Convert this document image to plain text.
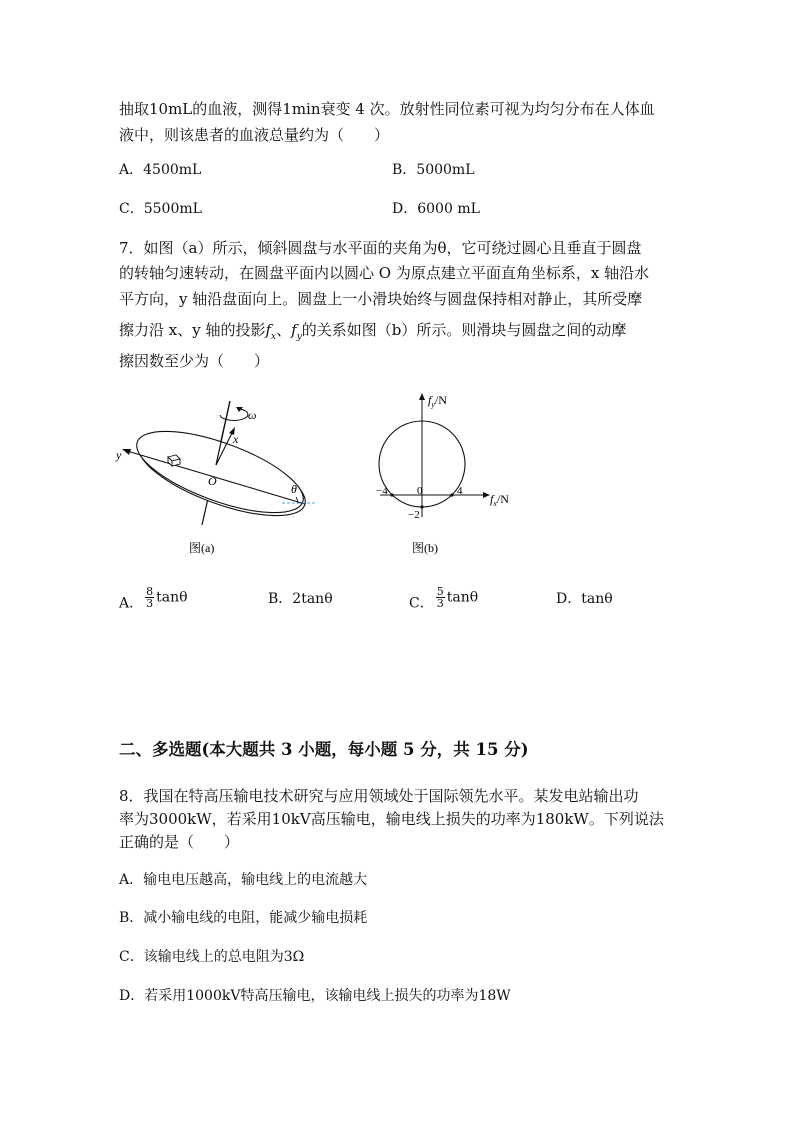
抽取10mL的血液，测得1min衰变 4 次。放射性同位素可视为均匀分布在人体血
液中，则该患者的血液总量约为（　　）
A．4500mL	B．5000mL
C．5500mL	D．6000 mL
7．如图（a）所示，倾斜圆盘与水平面的夹角为θ，它可绕过圆心且垂直于圆盘
的转轴匀速转动，在圆盘平面内以圆心 O 为原点建立平面直角坐标系，x 轴沿水
平方向，y 轴沿盘面向上。圆盘上一小滑块始终与圆盘保持相对静止，其所受摩
擦力沿 x、y 轴的投影$f_x$、$f_y$的关系如图（b）所示。则滑块与圆盘之间的动摩
擦因数至少为（　　）
ω
x
y
O
θ
图(a)
$f_y/N$
$f_x/N$
−4	0	4
−2
图(b)
A． $\frac{8}{3}$ tanθ	B．2tanθ	C． $\frac{5}{3}$ tanθ	D．tanθ
二、多选题(本大题共 3 小题，每小题 5 分，共 15 分)
8．我国在特高压输电技术研究与应用领域处于国际领先水平。某发电站输出功
率为3000kW，若采用10kV高压输电，输电线上损失的功率为180kW。下列说法
正确的是（　　）
A．输电电压越高，输电线上的电流越大
B．减小输电线的电阻，能减少输电损耗
C．该输电线上的总电阻为3Ω
D．若采用1000kV特高压输电，该输电线上损失的功率为18W
